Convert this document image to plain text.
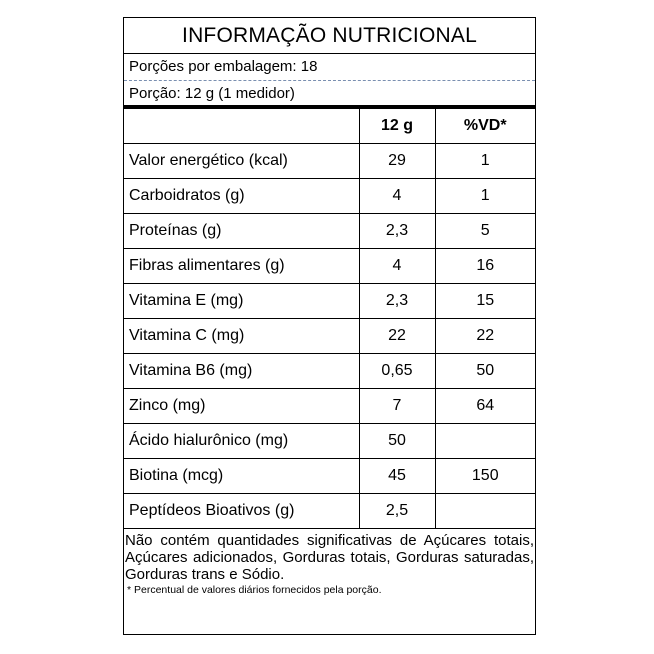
INFORMAÇÃO NUTRICIONAL
Porções por embalagem: 18
Porção: 12 g (1 medidor)
	12 g	%VD*
Valor energético (kcal)	29	1
Carboidratos (g)	4	1
Proteínas (g)	2,3	5
Fibras alimentares (g)	4	16
Vitamina E (mg)	2,3	15
Vitamina C (mg)	22	22
Vitamina B6 (mg)	0,65	50
Zinco (mg)	7	64
Ácido hialurônico (mg)	50	
Biotina (mcg)	45	150
Peptídeos Bioativos (g)	2,5	
Não contém quantidades significativas de Açúcares totais, Açúcares adicionados, Gorduras totais, Gorduras saturadas, Gorduras trans e Sódio.
* Percentual de valores diários fornecidos pela porção.
